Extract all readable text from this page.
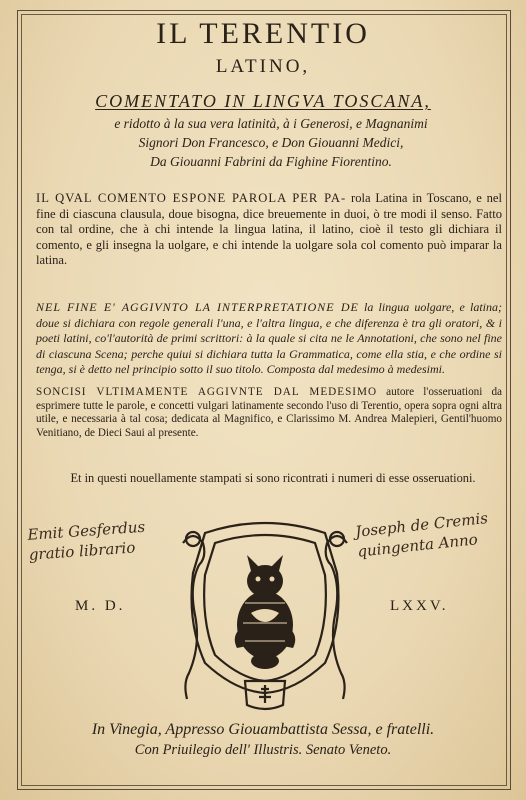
IL TERENTIO
LATINO,
COMENTATO IN LINGVA TOSCANA,
e ridotto à la sua vera latinità, à i Generosi, e Magnanimi
Signori Don Francesco, e Don Giouanni Medici,
Da Giouanni Fabrini da Fighine Fiorentino.
IL QVAL COMENTO ESPONE PAROLA PER PA- rola Latina in Toscano, e nel fine di ciascuna clausula, doue bisogna, dice breuemente in duoi, ò tre modi il senso. Fatto con tal ordine, che à chi intende la lingua latina, il latino, cioè il testo gli dichiara il comento, e gli insegna la uolgare, e chi intende la uolgare sola col comento può imparar la latina.
NEL FINE E' AGGIVNTO LA INTERPRETATIONE DE la lingua uolgare, e latina; doue si dichiara con regole generali l'una, e l'altra lingua, e che diferenza è tra gli oratori, & i poeti latini, co'l'autorità de primi scrittori: à la quale si cita ne le Annotationi, che sono nel fine di ciascuna Scena; perche quiui si dichiara tutta la Grammatica, come ella stia, e che ordine si tenga, si è detto nel principio sotto il suo titolo. Composta dal medesimo à medesimi.
SONCISI VLTIMAMENTE AGGIVNTE DAL MEDESIMO autore l'osseruationi da esprimere tutte le parole, e concetti vulgari latinamente secondo l'uso di Terentio, opera sopra ogni altra utile, e necessaria à tal cosa; dedicata al Magnifico, e Clarissimo M. Andrea Malepieri, Gentil'huomo Venitiano, de Dieci Saui al presente.
Et in questi nouellamente stampati si sono ricontrati i numeri di esse osseruationi.
Emit Gesferdus gratio librario
Joseph de Cremis quingenta Anno
M. D.	LXXV.
In Vinegia, Appresso Giouambattista Sessa, e fratelli.
Con Priuilegio dell' Illustris. Senato Veneto.
